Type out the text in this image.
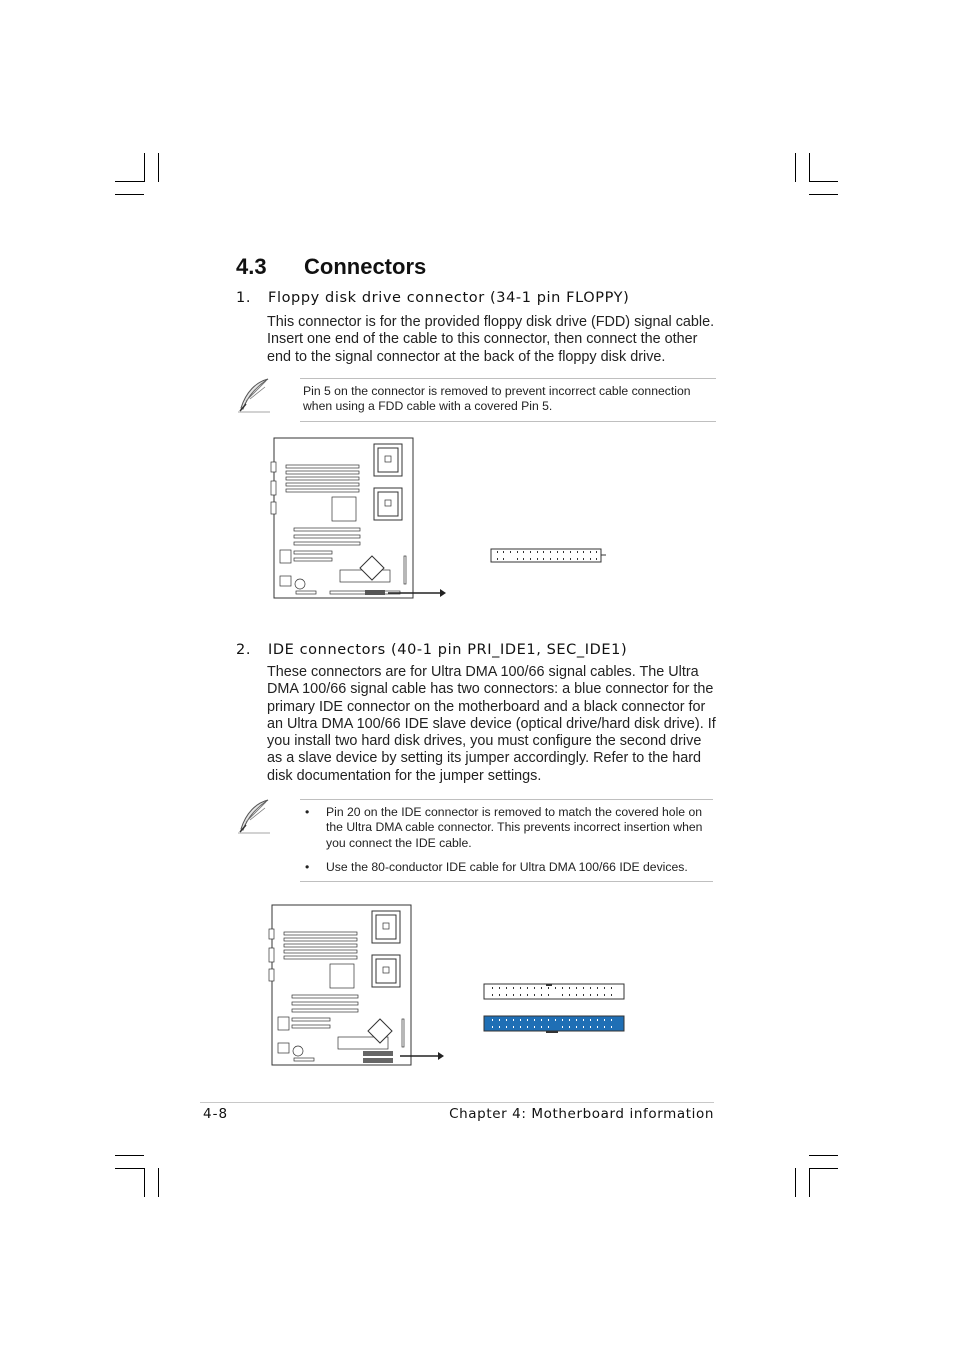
4.3 Connectors
1. Floppy disk drive connector (34-1 pin FLOPPY)

This connector is for the provided floppy disk drive (FDD) signal cable. Insert one end of the cable to this connector, then connect the other end to the signal connector at the back of the floppy disk drive.

Pin 5 on the connector is removed to prevent incorrect cable connection when using a FDD cable with a covered Pin 5.

2. IDE connectors (40-1 pin PRI_IDE1, SEC_IDE1)

These connectors are for Ultra DMA 100/66 signal cables. The Ultra DMA 100/66 signal cable has two connectors: a blue connector for the primary IDE connector on the motherboard and a black connector for an Ultra DMA 100/66 IDE slave device (optical drive/hard disk drive). If you install two hard disk drives, you must configure the second drive as a slave device by setting its jumper accordingly. Refer to the hard disk documentation for the jumper settings.

• Pin 20 on the IDE connector is removed to match the covered hole on the Ultra DMA cable connector. This prevents incorrect insertion when you connect the IDE cable.
• Use the 80-conductor IDE cable for Ultra DMA 100/66 IDE devices.
4-8	Chapter 4: Motherboard information
